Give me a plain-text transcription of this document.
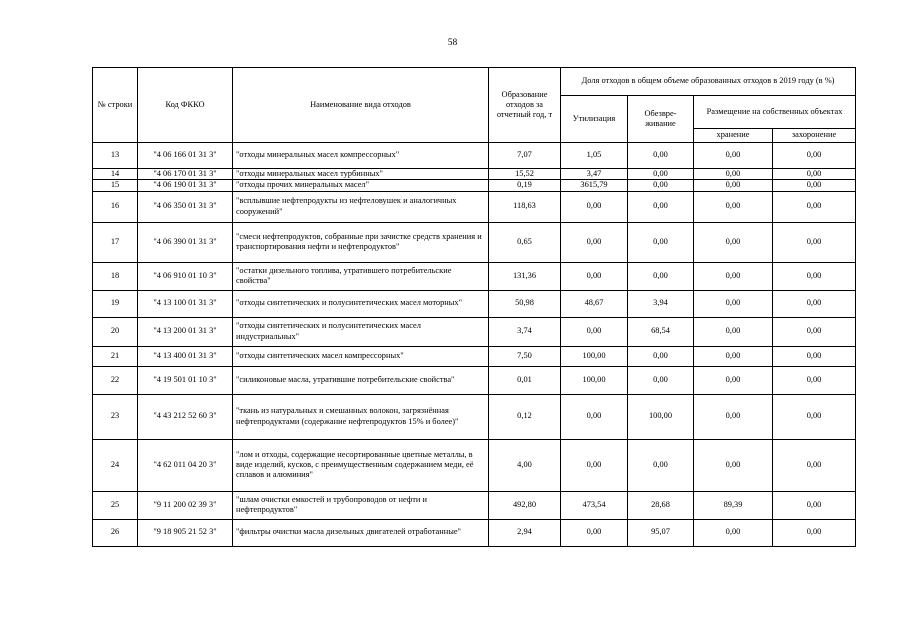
58
№ строки	Код ФККО	Наименование вида отходов	Образование отходов за отчетный год, т	Доля отходов в общем объеме образованных отходов в 2019 году (в %)			
				Утилизация	Обезвре-живание	Размещение на собственных объектах	
						хранение	захоронение
13	"4 06 166 01 31 3"	"отходы минеральных масел компрессорных"	7,07	1,05	0,00	0,00	0,00
14	"4 06 170 01 31 3"	"отходы минеральных масел турбинных"	15,52	3,47	0,00	0,00	0,00
15	"4 06 190 01 31 3"	"отходы прочих минеральных масел"	0,19	3615,79	0,00	0,00	0,00
16	"4 06 350 01 31 3"	"всплывшие нефтепродукты из нефтеловушек и аналогичных сооружений"	118,63	0,00	0,00	0,00	0,00
17	"4 06 390 01 31 3"	"смеси нефтепродуктов, собранные при зачистке средств хранения и транспортирования нефти и нефтепродуктов"	0,65	0,00	0,00	0,00	0,00
18	"4 06 910 01 10 3"	"остатки дизельного топлива, утратившего потребительские свойства"	131,36	0,00	0,00	0,00	0,00
19	"4 13 100 01 31 3"	"отходы синтетических и полусинтетических масел моторных"	50,98	48,67	3,94	0,00	0,00
20	"4 13 200 01 31 3"	"отходы синтетических и полусинтетических масел индустриальных"	3,74	0,00	68,54	0,00	0,00
21	"4 13 400 01 31 3"	"отходы синтетических масел компрессорных"	7,50	100,00	0,00	0,00	0,00
22	"4 19 501 01 10 3"	"силиконовые масла, утратившие потребительские свойства"	0,01	100,00	0,00	0,00	0,00
23	"4 43 212 52 60 3"	"ткань из натуральных и смешанных волокон, загрязнённая нефтепродуктами (содержание нефтепродуктов 15% и более)"	0,12	0,00	100,00	0,00	0,00
24	"4 62 011 04 20 3"	"лом и отходы, содержащие несортированные цветные металлы, в виде изделий, кусков, с преимущественным содержанием меди, её сплавов и алюминия"	4,00	0,00	0,00	0,00	0,00
25	"9 11 200 02 39 3"	"шлам очистки емкостей и трубопроводов от нефти и нефтепродуктов"	492,80	473,54	28,68	89,39	0,00
26	"9 18 905 21 52 3"	"фильтры очистки масла дизельных двигателей отработанные"	2,94	0,00	95,07	0,00	0,00
